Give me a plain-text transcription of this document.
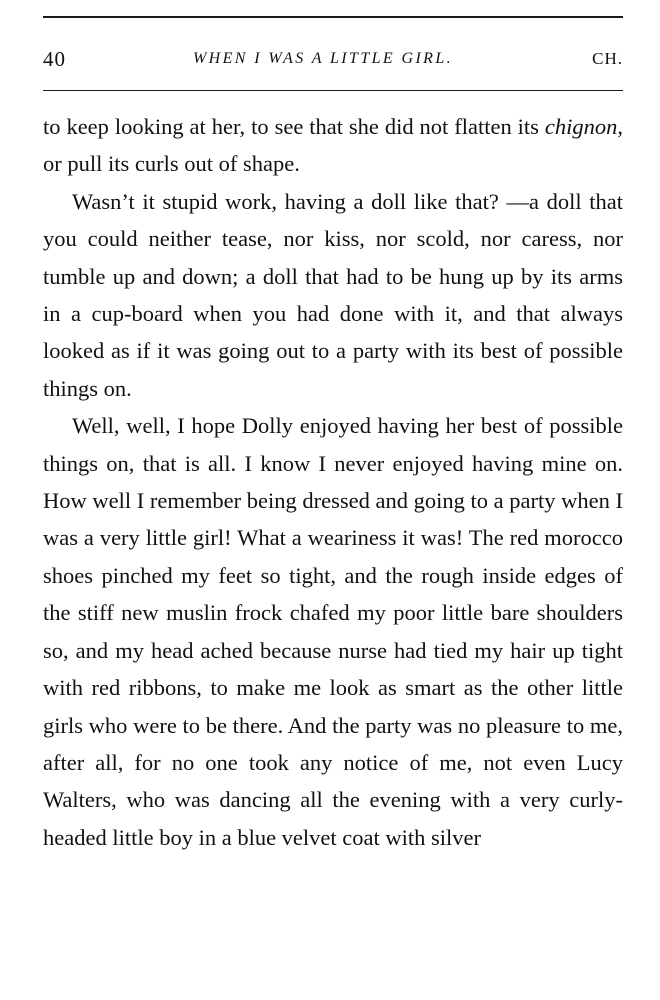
40	WHEN I WAS A LITTLE GIRL.	CH.

to keep looking at her, to see that she did not flatten its chignon, or pull its curls out of shape.

Wasn’t it stupid work, having a doll like that? —a doll that you could neither tease, nor kiss, nor scold, nor caress, nor tumble up and down; a doll that had to be hung up by its arms in a cup-board when you had done with it, and that always looked as if it was going out to a party with its best of possible things on.

Well, well, I hope Dolly enjoyed having her best of possible things on, that is all. I know I never enjoyed having mine on. How well I remember being dressed and going to a party when I was a very little girl! What a weariness it was! The red morocco shoes pinched my feet so tight, and the rough inside edges of the stiff new muslin frock chafed my poor little bare shoulders so, and my head ached because nurse had tied my hair up tight with red ribbons, to make me look as smart as the other little girls who were to be there. And the party was no pleasure to me, after all, for no one took any notice of me, not even Lucy Walters, who was dancing all the evening with a very curly-headed little boy in a blue velvet coat with silver
